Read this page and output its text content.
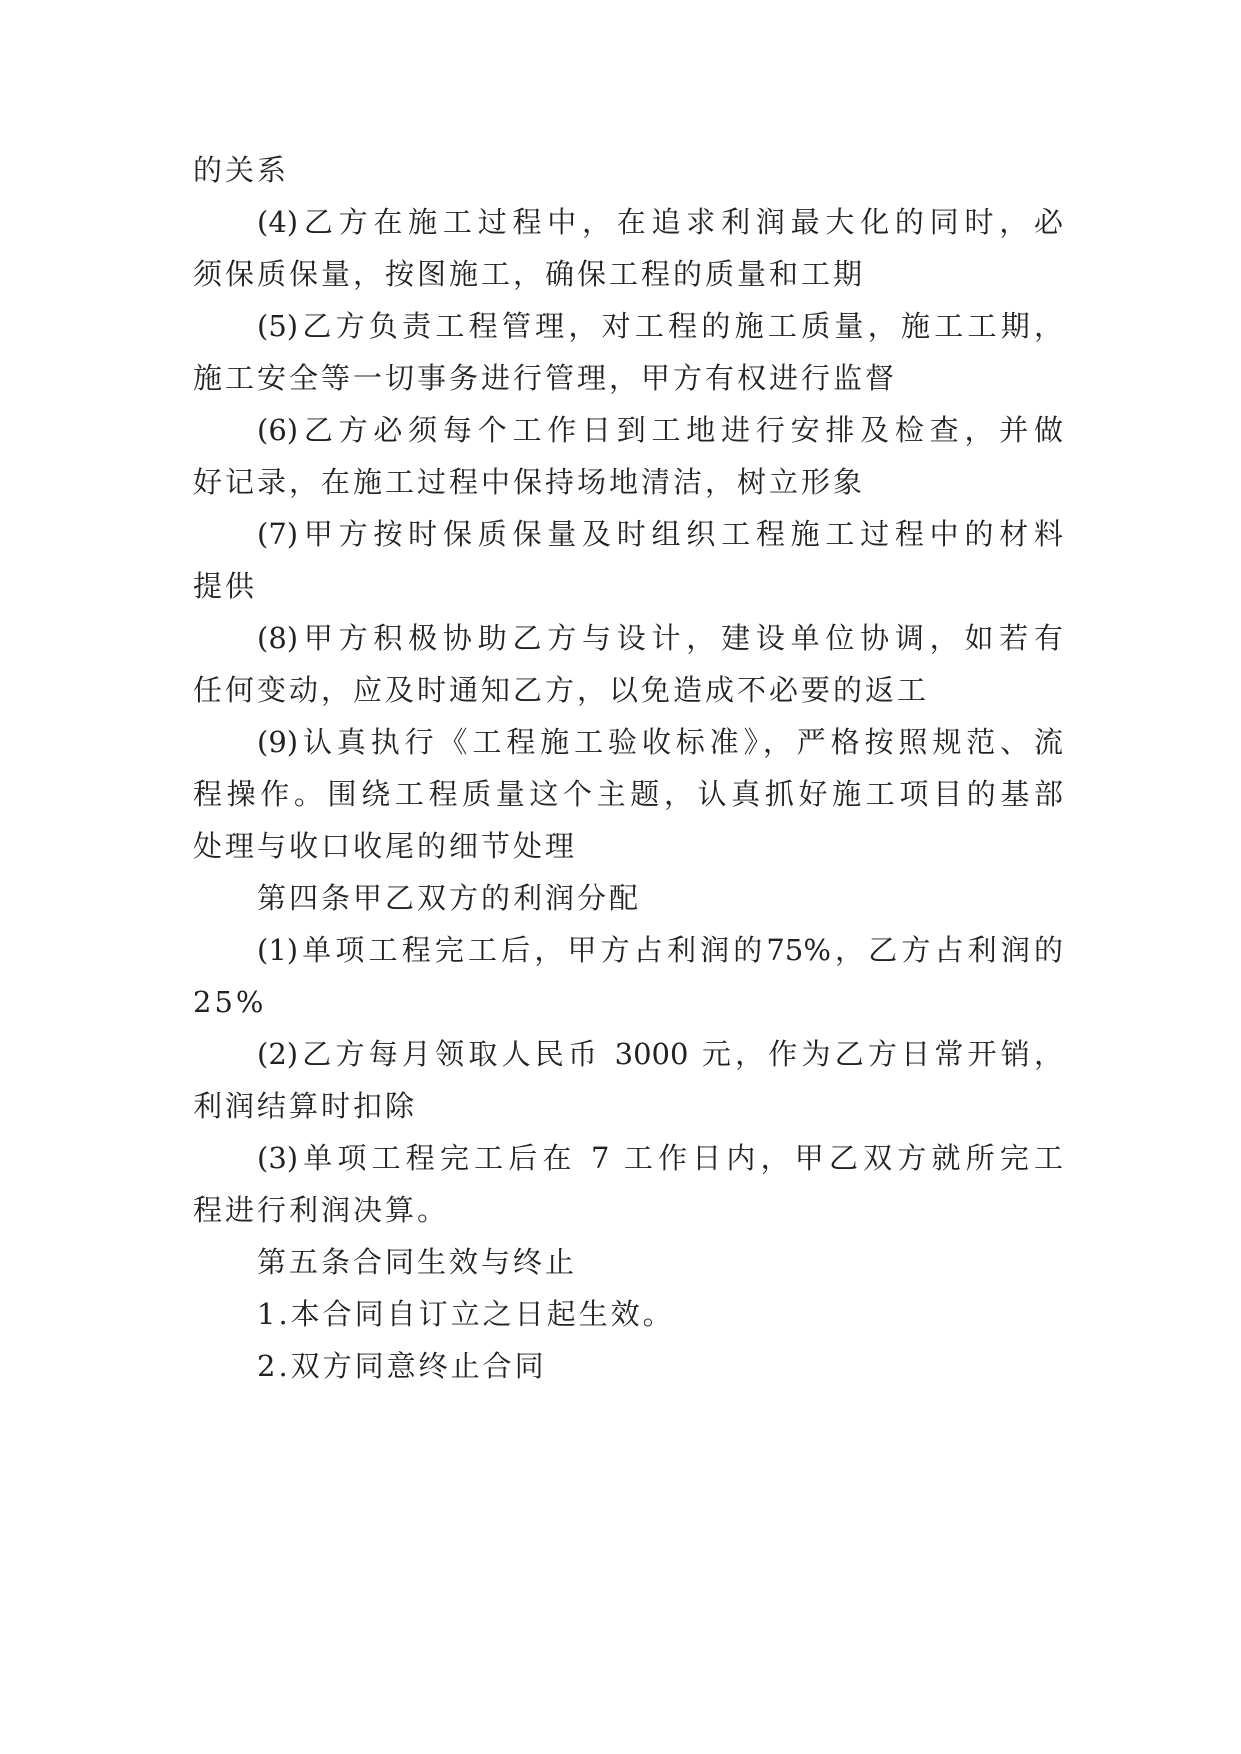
的关系
(4)乙方在施工过程中，在追求利润最大化的同时，必
须保质保量，按图施工，确保工程的质量和工期
(5)乙方负责工程管理，对工程的施工质量，施工工期，
施工安全等一切事务进行管理，甲方有权进行监督
(6)乙方必须每个工作日到工地进行安排及检查，并做
好记录，在施工过程中保持场地清洁，树立形象
(7)甲方按时保质保量及时组织工程施工过程中的材料
提供
(8)甲方积极协助乙方与设计，建设单位协调，如若有
任何变动，应及时通知乙方，以免造成不必要的返工
(9)认真执行《工程施工验收标准》，严格按照规范、流
程操作。围绕工程质量这个主题，认真抓好施工项目的基部
处理与收口收尾的细节处理
第四条甲乙双方的利润分配
(1)单项工程完工后，甲方占利润的75%，乙方占利润的
25%
(2)乙方每月领取人民币 3000 元，作为乙方日常开销，
利润结算时扣除
(3)单项工程完工后在 7 工作日内，甲乙双方就所完工
程进行利润决算。
第五条合同生效与终止
1.本合同自订立之日起生效。
2.双方同意终止合同
